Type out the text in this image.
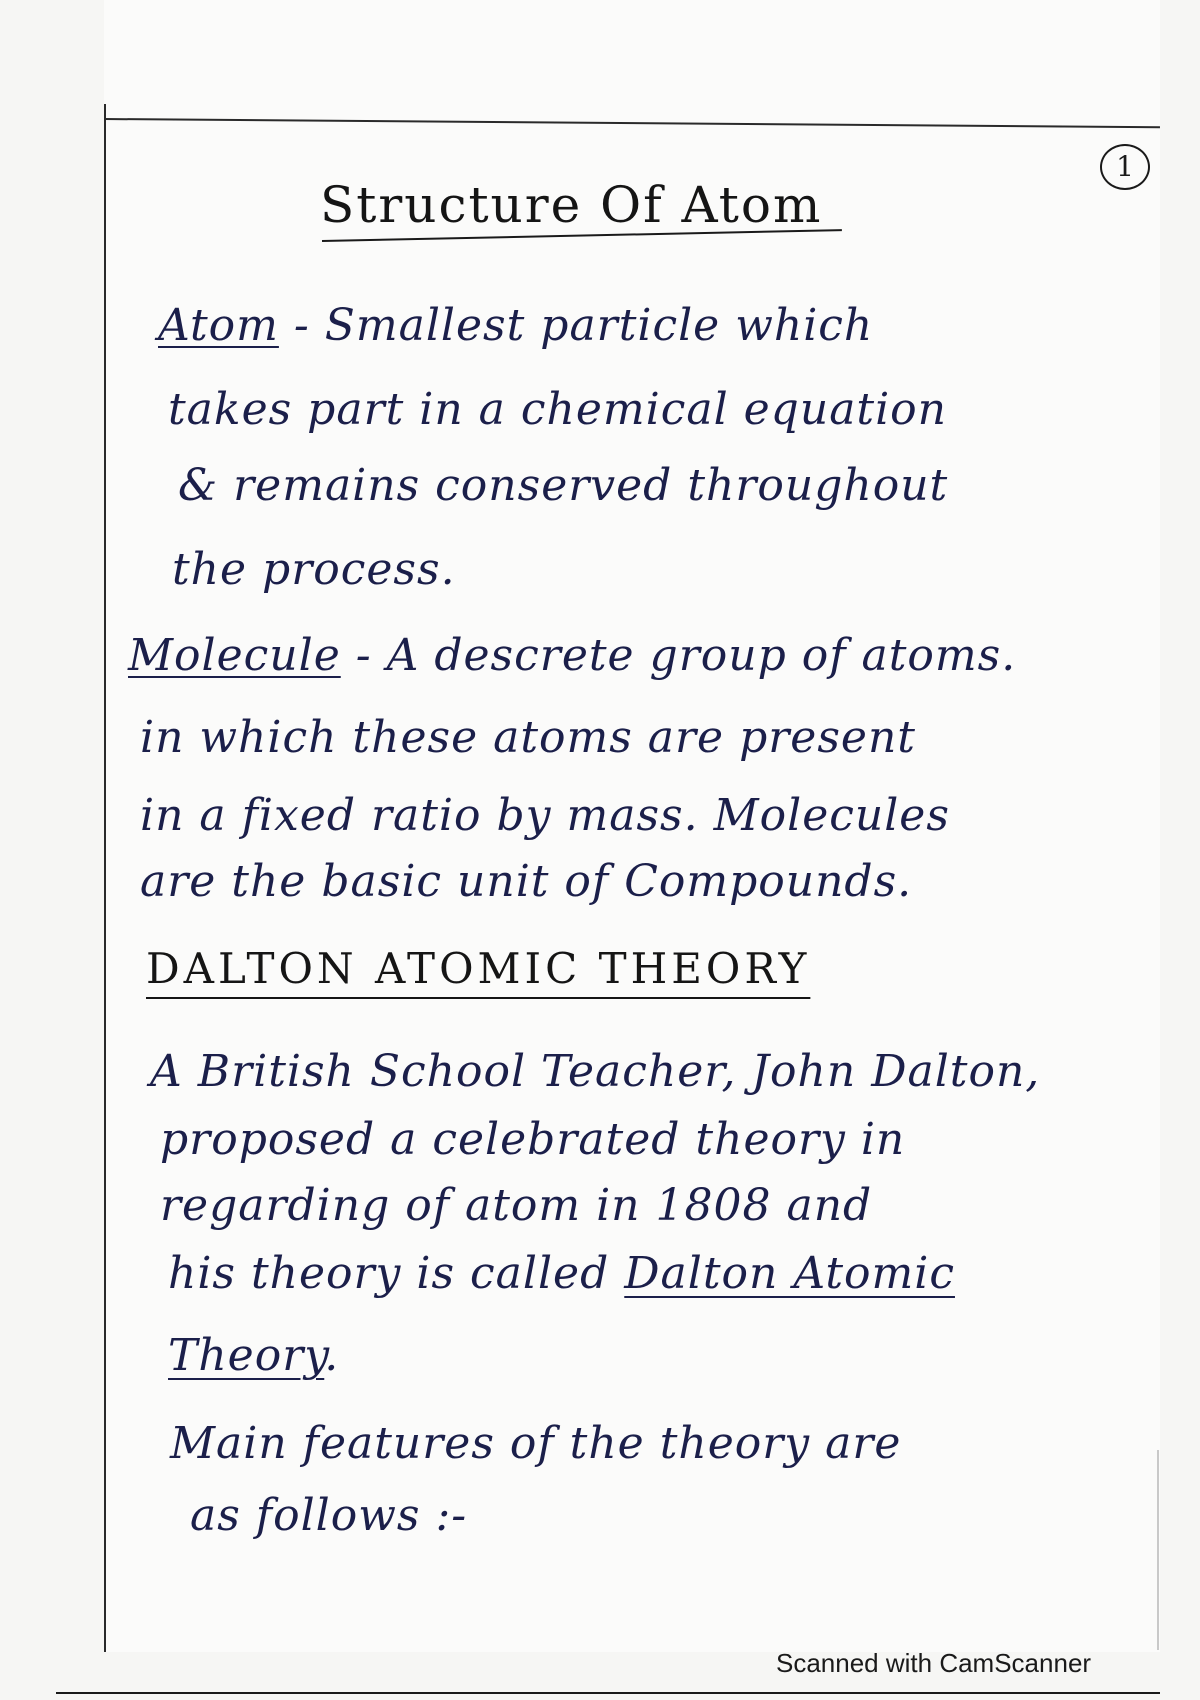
1
Structure Of Atom
Atom - Smallest particle which
takes part in a chemical equation
& remains conserved throughout
the process.
Molecule - A descrete group of atoms.
in which these atoms are present
in a fixed ratio by mass. Molecules
are the basic unit of Compounds.
DALTON ATOMIC THEORY
A British School Teacher, John Dalton,
proposed a celebrated theory in
regarding of atom in 1808 and
his theory is called Dalton Atomic
Theory.
Main features of the theory are
as follows :-
Scanned with CamScanner
